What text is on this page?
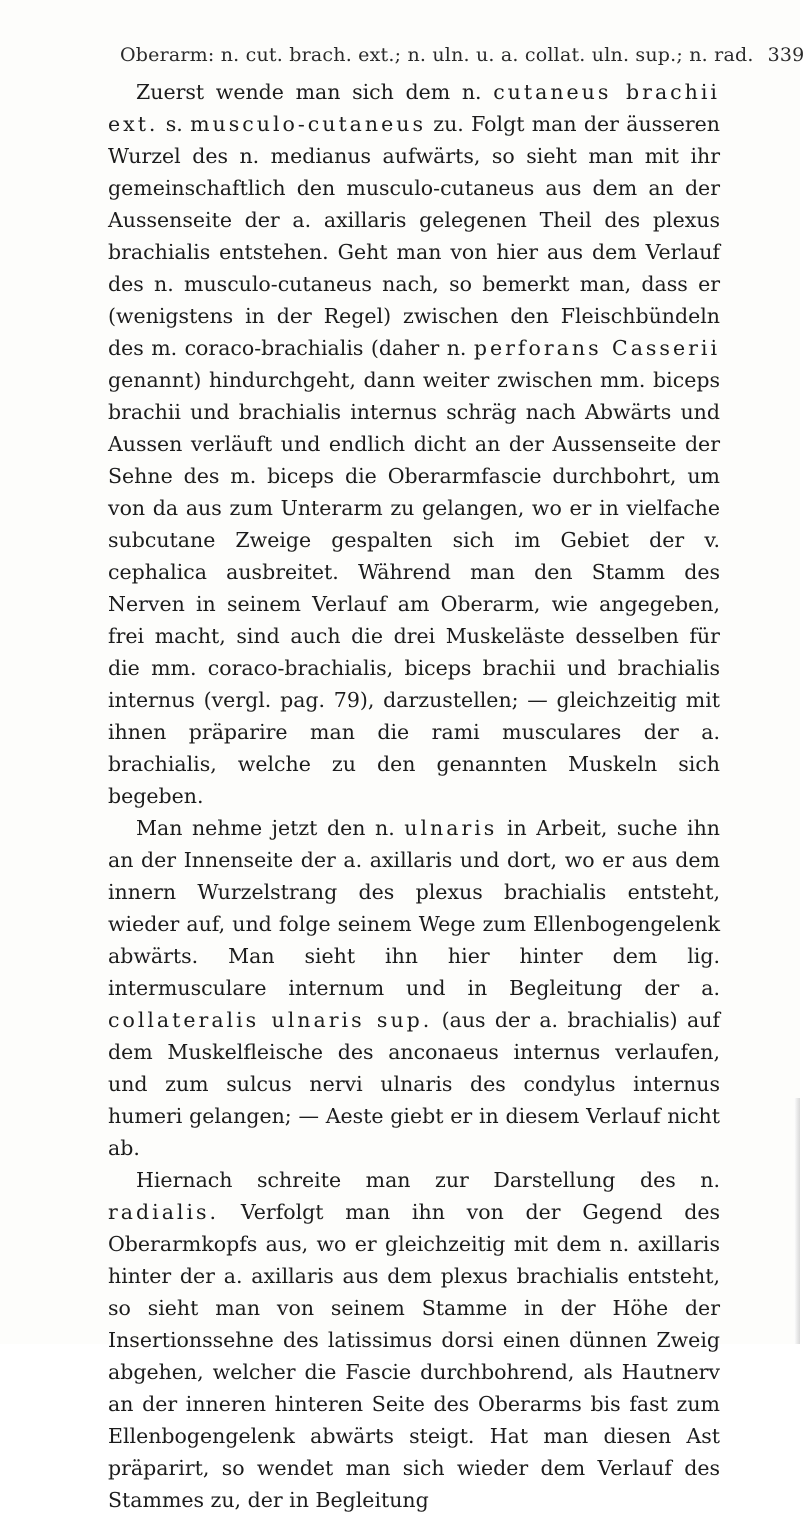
Oberarm: n. cut. brach. ext.; n. uln. u. a. collat. uln. sup.; n. rad. 339

Zuerst wende man sich dem n. cutaneus brachii ext. s. musculo-cutaneus zu. Folgt man der äusseren Wurzel des n. medianus aufwärts, so sieht man mit ihr gemeinschaftlich den musculo-cutaneus aus dem an der Aussenseite der a. axillaris gelegenen Theil des plexus brachialis entstehen. Geht man von hier aus dem Verlauf des n. musculo-cutaneus nach, so bemerkt man, dass er (wenigstens in der Regel) zwischen den Fleischbündeln des m. coraco-brachialis (daher n. perforans Casserii genannt) hindurchgeht, dann weiter zwischen mm. biceps brachii und brachialis internus schräg nach Abwärts und Aussen verläuft und endlich dicht an der Aussenseite der Sehne des m. biceps die Oberarmfascie durchbohrt, um von da aus zum Unterarm zu gelangen, wo er in vielfache subcutane Zweige gespalten sich im Gebiet der v. cephalica ausbreitet. Während man den Stamm des Nerven in seinem Verlauf am Oberarm, wie angegeben, frei macht, sind auch die drei Muskeläste desselben für die mm. coraco-brachialis, biceps brachii und brachialis internus (vergl. pag. 79), darzustellen; — gleichzeitig mit ihnen präparire man die rami musculares der a. brachialis, welche zu den genannten Muskeln sich begeben.

Man nehme jetzt den n. ulnaris in Arbeit, suche ihn an der Innenseite der a. axillaris und dort, wo er aus dem innern Wurzelstrang des plexus brachialis entsteht, wieder auf, und folge seinem Wege zum Ellenbogengelenk abwärts. Man sieht ihn hier hinter dem lig. intermusculare internum und in Begleitung der a. collateralis ulnaris sup. (aus der a. brachialis) auf dem Muskelfleische des anconaeus internus verlaufen, und zum sulcus nervi ulnaris des condylus internus humeri gelangen; — Aeste giebt er in diesem Verlauf nicht ab.

Hiernach schreite man zur Darstellung des n. radialis. Verfolgt man ihn von der Gegend des Oberarmkopfs aus, wo er gleichzeitig mit dem n. axillaris hinter der a. axillaris aus dem plexus brachialis entsteht, so sieht man von seinem Stamme in der Höhe der Insertionssehne des latissimus dorsi einen dünnen Zweig abgehen, welcher die Fascie durchbohrend, als Hautnerv an der inneren hinteren Seite des Oberarms bis fast zum Ellenbogengelenk abwärts steigt. Hat man diesen Ast präparirt, so wendet man sich wieder dem Verlauf des Stammes zu, der in Begleitung
